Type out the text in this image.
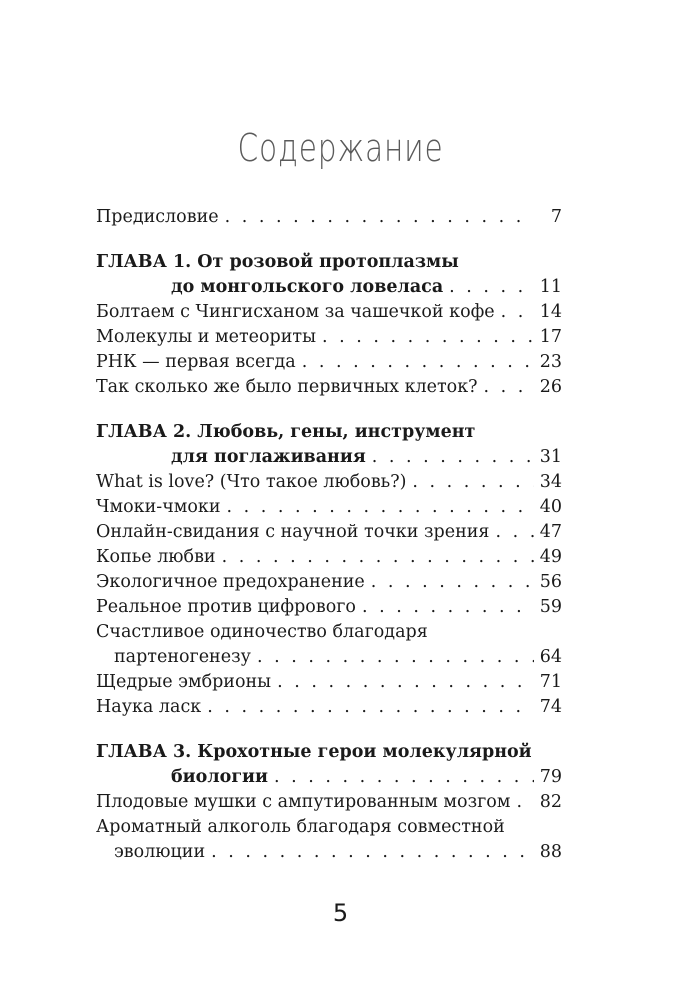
Содержание
Предисловие . . .	7
ГЛАВА 1. От розовой протоплазмы
до монгольского ловеласа . . .	11
Болтаем с Чингисханом за чашечкой кофе . . .	14
Молекулы и метеориты . . .	17
РНК — первая всегда . . .	23
Так сколько же было первичных клеток? . . .	26
ГЛАВА 2. Любовь, гены, инструмент
для поглаживания . . .	31
What is love? (Что такое любовь?) . . .	34
Чмоки-чмоки . . .	40
Онлайн-свидания с научной точки зрения . . .	47
Копье любви . . .	49
Экологичное предохранение . . .	56
Реальное против цифрового . . .	59
Счастливое одиночество благодаря
партеногенезу . . .	64
Щедрые эмбрионы . . .	71
Наука ласк . . .	74
ГЛАВА 3. Крохотные герои молекулярной
биологии . . .	79
Плодовые мушки с ампутированным мозгом . . . 82
Ароматный алкоголь благодаря совместной
эволюции . . .	88
5
